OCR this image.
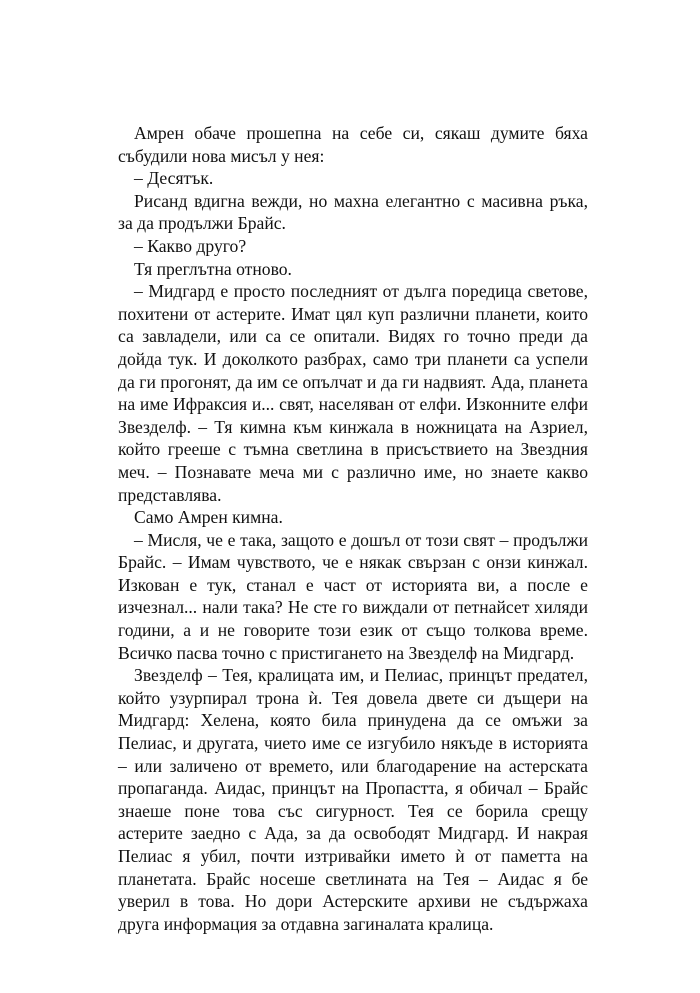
Амрен обаче прошепна на себе си, сякаш думите бяха събудили нова мисъл у нея:

– Десятък.

Рисанд вдигна вежди, но махна елегантно с масивна ръка, за да продължи Брайс.

– Какво друго?

Тя преглътна отново.

– Мидгард е просто последният от дълга поредица светове, похитени от астерите. Имат цял куп различни планети, които са завладели, или са се опитали. Видях го точно преди да дойда тук. И доколкото разбрах, само три планети са успели да ги прогонят, да им се опълчат и да ги надвият. Ада, планета на име Ифраксия и... свят, населяван от елфи. Изконните елфи Звезделф. – Тя кимна към кинжала в ножницата на Азриел, който грееше с тъмна светлина в присъствието на Звездния меч. – Познавате меча ми с различно име, но знаете какво представлява.

Само Амрен кимна.

– Мисля, че е така, защото е дошъл от този свят – продължи Брайс. – Имам чувството, че е някак свързан с онзи кинжал. Изкован е тук, станал е част от историята ви, а после е изчезнал... нали така? Не сте го виждали от петнайсет хиляди години, а и не говорите този език от също толкова време. Всичко пасва точно с пристигането на Звезделф на Мидгард.

Звезделф – Тея, кралицата им, и Пелиас, принцът предател, който узурпирал трона ѝ. Тея довела двете си дъщери на Мидгард: Хелена, която била принудена да се омъжи за Пелиас, и другата, чието име се изгубило някъде в историята – или заличено от времето, или благодарение на астерската пропаганда. Аидас, принцът на Пропастта, я обичал – Брайс знаеше поне това със сигурност. Тея се борила срещу астерите заедно с Ада, за да освободят Мидгард. И накрая Пелиас я убил, почти изтривайки името ѝ от паметта на планетата. Брайс носеше светлината на Тея – Аидас я бе уверил в това. Но дори Астерските архиви не съдържаха друга информация за отдавна загиналата кралица.
